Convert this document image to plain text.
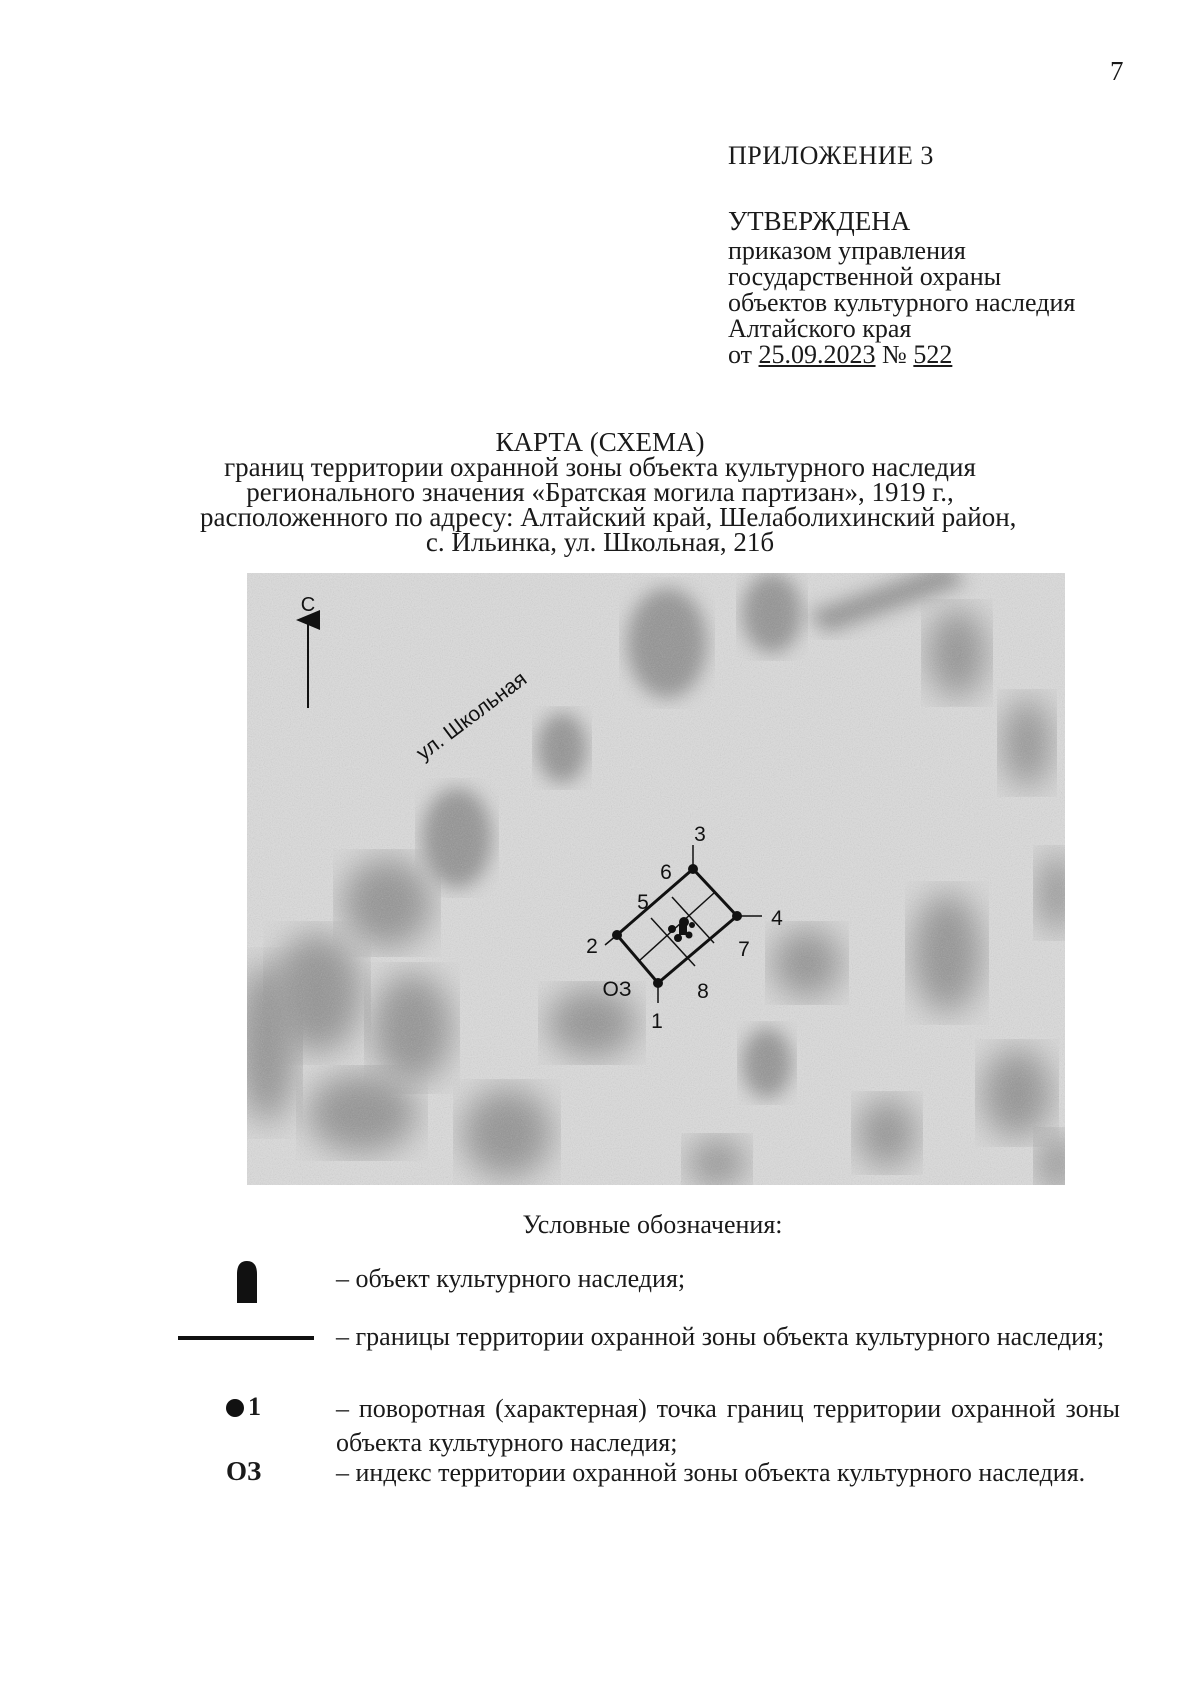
7
ПРИЛОЖЕНИЕ 3
УТВЕРЖДЕНА
приказом управления
государственной охраны
объектов культурного наследия
Алтайского края
от 25.09.2023 № 522
КАРТА (СХЕМА)
границ территории охранной зоны объекта культурного наследия
регионального значения «Братская могила партизан», 1919 г.,
расположенного по адресу: Алтайский край, Шелаболихинский район,
с. Ильинка, ул. Школьная, 21б
С
ул. Школьная
1
2
3
4
5
6
7
8
ОЗ
Условные обозначения:
– объект культурного наследия;
– границы территории охранной зоны объекта культурного наследия;
1	– поворотная (характерная) точка границ территории охранной зоны объекта культурного наследия;
ОЗ	– индекс территории охранной зоны объекта культурного наследия.
